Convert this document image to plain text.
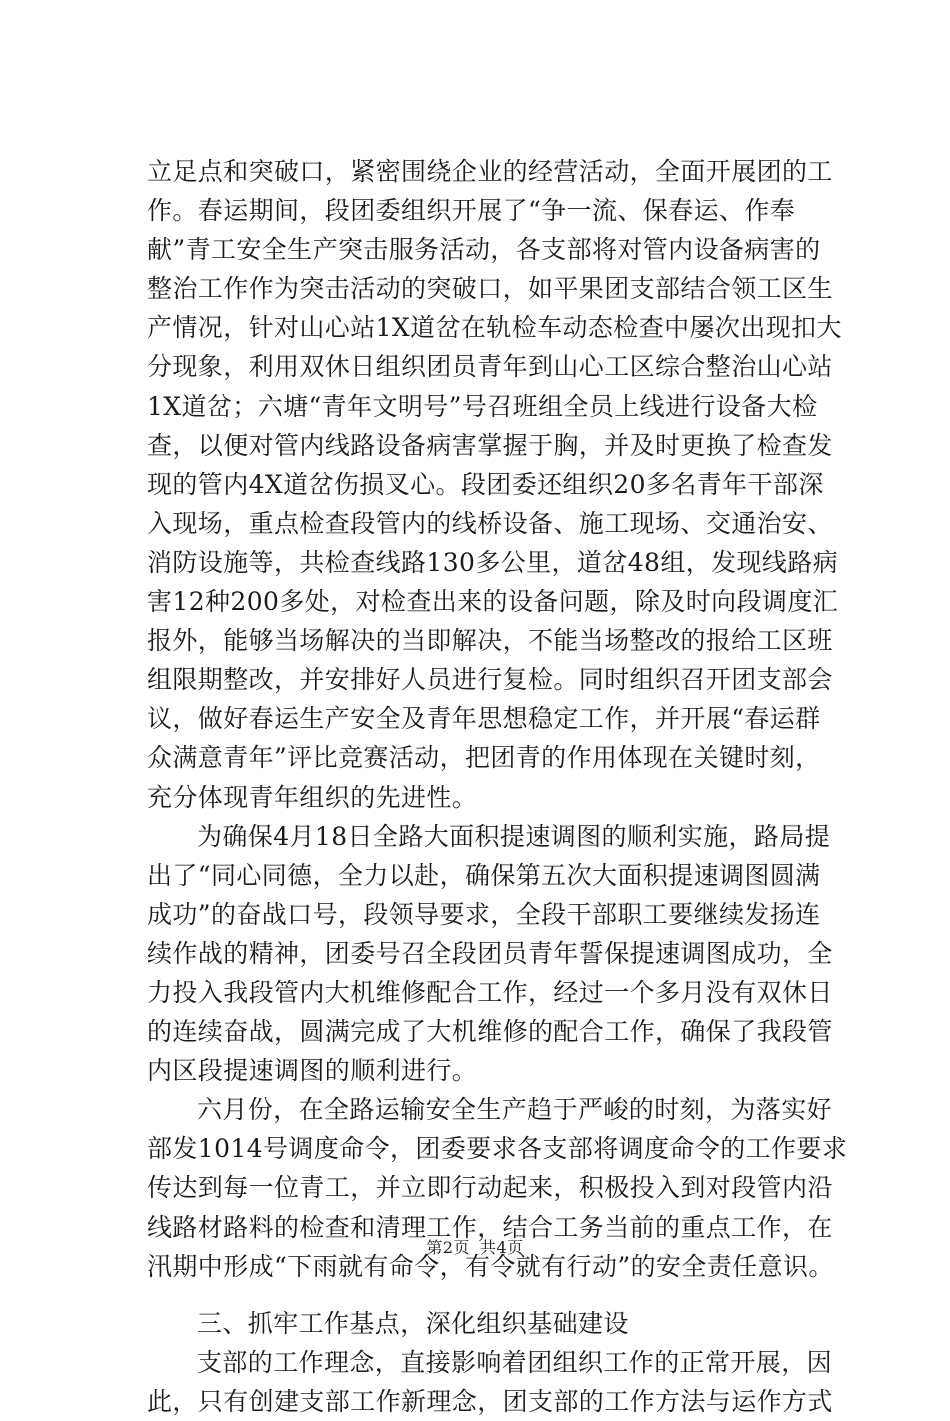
立足点和突破口，紧密围绕企业的经营活动，全面开展团的工
作。春运期间，段团委组织开展了“争一流、保春运、作奉
献”青工安全生产突击服务活动，各支部将对管内设备病害的
整治工作作为突击活动的突破口，如平果团支部结合领工区生
产情况，针对山心站1X道岔在轨检车动态检查中屡次出现扣大
分现象，利用双休日组织团员青年到山心工区综合整治山心站
1X道岔；六塘“青年文明号”号召班组全员上线进行设备大检
查，以便对管内线路设备病害掌握于胸，并及时更换了检查发
现的管内4X道岔伤损叉心。段团委还组织20多名青年干部深
入现场，重点检查段管内的线桥设备、施工现场、交通治安、
消防设施等，共检查线路130多公里，道岔48组，发现线路病
害12种200多处，对检查出来的设备问题，除及时向段调度汇
报外，能够当场解决的当即解决，不能当场整改的报给工区班
组限期整改，并安排好人员进行复检。同时组织召开团支部会
议，做好春运生产安全及青年思想稳定工作，并开展“春运群
众满意青年”评比竞赛活动，把团青的作用体现在关键时刻，
充分体现青年组织的先进性。
为确保4月18日全路大面积提速调图的顺利实施，路局提
出了“同心同德，全力以赴，确保第五次大面积提速调图圆满
成功”的奋战口号，段领导要求，全段干部职工要继续发扬连
续作战的精神，团委号召全段团员青年誓保提速调图成功，全
力投入我段管内大机维修配合工作，经过一个多月没有双休日
的连续奋战，圆满完成了大机维修的配合工作，确保了我段管
内区段提速调图的顺利进行。
六月份，在全路运输安全生产趋于严峻的时刻，为落实好
部发1014号调度命令，团委要求各支部将调度命令的工作要求
传达到每一位青工，并立即行动起来，积极投入到对段管内沿
线路材路料的检查和清理工作，结合工务当前的重点工作，在
汛期中形成“下雨就有命令，有令就有行动”的安全责任意识。
三、抓牢工作基点，深化组织基础建设
支部的工作理念，直接影响着团组织工作的正常开展，因
此，只有创建支部工作新理念，团支部的工作方法与运作方式
第2页 共4页
